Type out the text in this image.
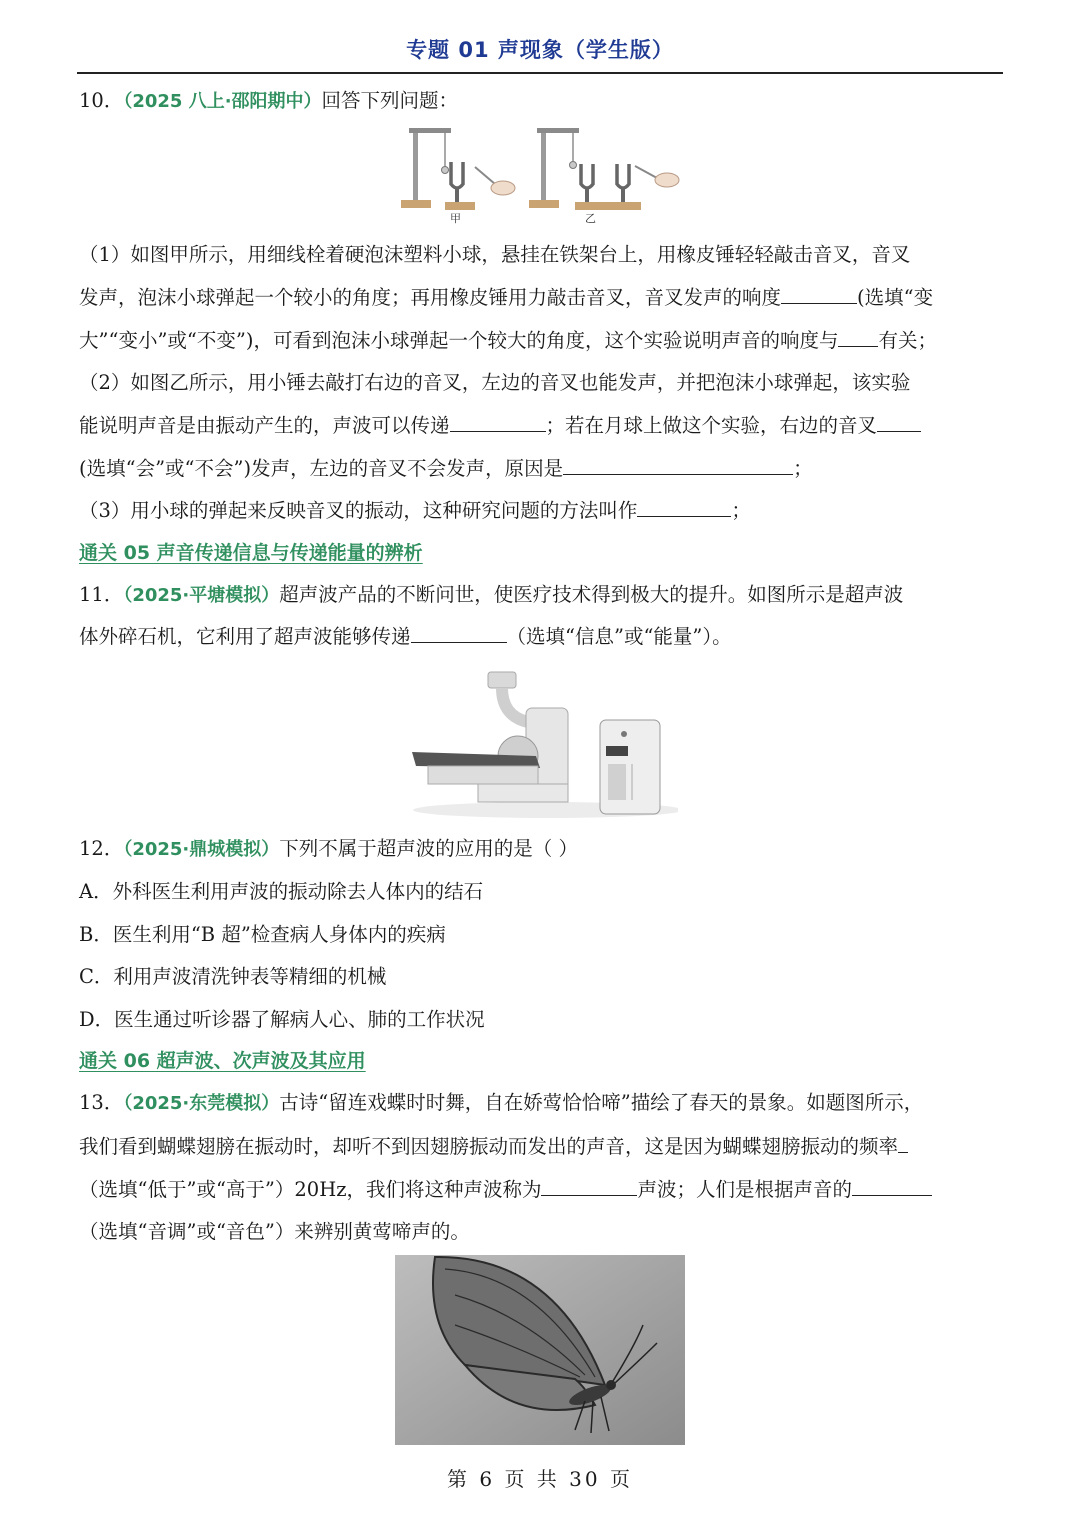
专题 01 声现象（学生版）
10．（2025 八上·邵阳期中）回答下列问题：
甲	乙
（1）如图甲所示，用细线栓着硬泡沫塑料小球，悬挂在铁架台上，用橡皮锤轻轻敲击音叉，音叉
发声，泡沫小球弹起一个较小的角度；再用橡皮锤用力敲击音叉，音叉发声的响度	(选填“变
大”“变小”或“不变”)，可看到泡沫小球弹起一个较大的角度，这个实验说明声音的响度与 有关；
（2）如图乙所示，用小锤去敲打右边的音叉，左边的音叉也能发声，并把泡沫小球弹起，该实验
能说明声音是由振动产生的，声波可以传递	；若在月球上做这个实验，右边的音叉
(选填“会”或“不会”)发声，左边的音叉不会发声，原因是	；
（3）用小球的弹起来反映音叉的振动，这种研究问题的方法叫作	；
通关 05 声音传递信息与传递能量的辨析
11．（2025·平塘模拟）超声波产品的不断问世，使医疗技术得到极大的提升。如图所示是超声波
体外碎石机，它利用了超声波能够传递	（选填“信息”或“能量”）。
12．（2025·鼎城模拟）下列不属于超声波的应用的是（ ）
A．外科医生利用声波的振动除去人体内的结石
B．医生利用“B 超”检查病人身体内的疾病
C．利用声波清洗钟表等精细的机械
D．医生通过听诊器了解病人心、肺的工作状况
通关 06 超声波、次声波及其应用
13．（2025·东莞模拟）古诗“留连戏蝶时时舞，自在娇莺恰恰啼”描绘了春天的景象。如题图所示，
我们看到蝴蝶翅膀在振动时，却听不到因翅膀振动而发出的声音，这是因为蝴蝶翅膀振动的频率
（选填“低于”或“高于”）20Hz，我们将这种声波称为	声波；人们是根据声音的
（选填“音调”或“音色”）来辨别黄莺啼声的。
第 6 页 共 30 页
